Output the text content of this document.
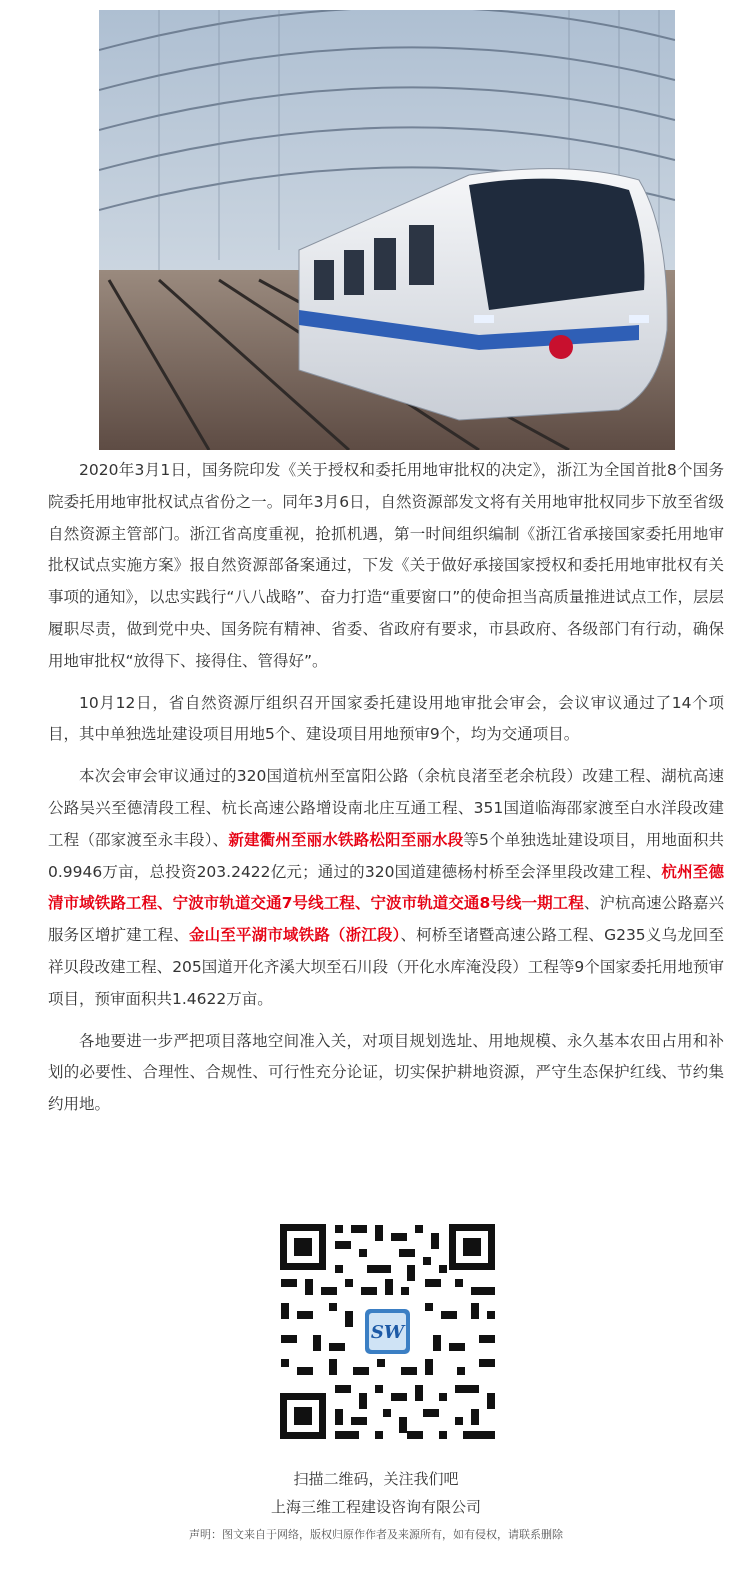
2020年3月1日，国务院印发《关于授权和委托用地审批权的决定》，浙江为全国首批8个国务院委托用地审批权试点省份之一。同年3月6日，自然资源部发文将有关用地审批权同步下放至省级自然资源主管部门。浙江省高度重视，抢抓机遇，第一时间组织编制《浙江省承接国家委托用地审批权试点实施方案》报自然资源部备案通过，下发《关于做好承接国家授权和委托用地审批权有关事项的通知》，以忠实践行“八八战略”、奋力打造“重要窗口”的使命担当高质量推进试点工作，层层履职尽责，做到党中央、国务院有精神、省委、省政府有要求，市县政府、各级部门有行动，确保用地审批权“放得下、接得住、管得好”。

10月12日，省自然资源厅组织召开国家委托建设用地审批会审会，会议审议通过了14个项目，其中单独选址建设项目用地5个、建设项目用地预审9个，均为交通项目。

本次会审会审议通过的320国道杭州至富阳公路（余杭良渚至老余杭段）改建工程、湖杭高速公路吴兴至德清段工程、杭长高速公路增设南北庄互通工程、351国道临海邵家渡至白水洋段改建工程（邵家渡至永丰段）、新建衢州至丽水铁路松阳至丽水段等5个单独选址建设项目，用地面积共0.9946万亩，总投资203.2422亿元；通过的320国道建德杨村桥至会泽里段改建工程、杭州至德清市域铁路工程、宁波市轨道交通7号线工程、宁波市轨道交通8号线一期工程、沪杭高速公路嘉兴服务区增扩建工程、金山至平湖市域铁路（浙江段）、柯桥至诸暨高速公路工程、G235义乌龙回至祥贝段改建工程、205国道开化齐溪大坝至石川段（开化水库淹没段）工程等9个国家委托用地预审项目，预审面积共1.4622万亩。

各地要进一步严把项目落地空间准入关，对项目规划选址、用地规模、永久基本农田占用和补划的必要性、合理性、合规性、可行性充分论证，切实保护耕地资源，严守生态保护红线、节约集约用地。

SW
扫描二维码，关注我们吧
上海三维工程建设咨询有限公司
声明：图文来自于网络，版权归原作作者及来源所有，如有侵权，请联系删除
